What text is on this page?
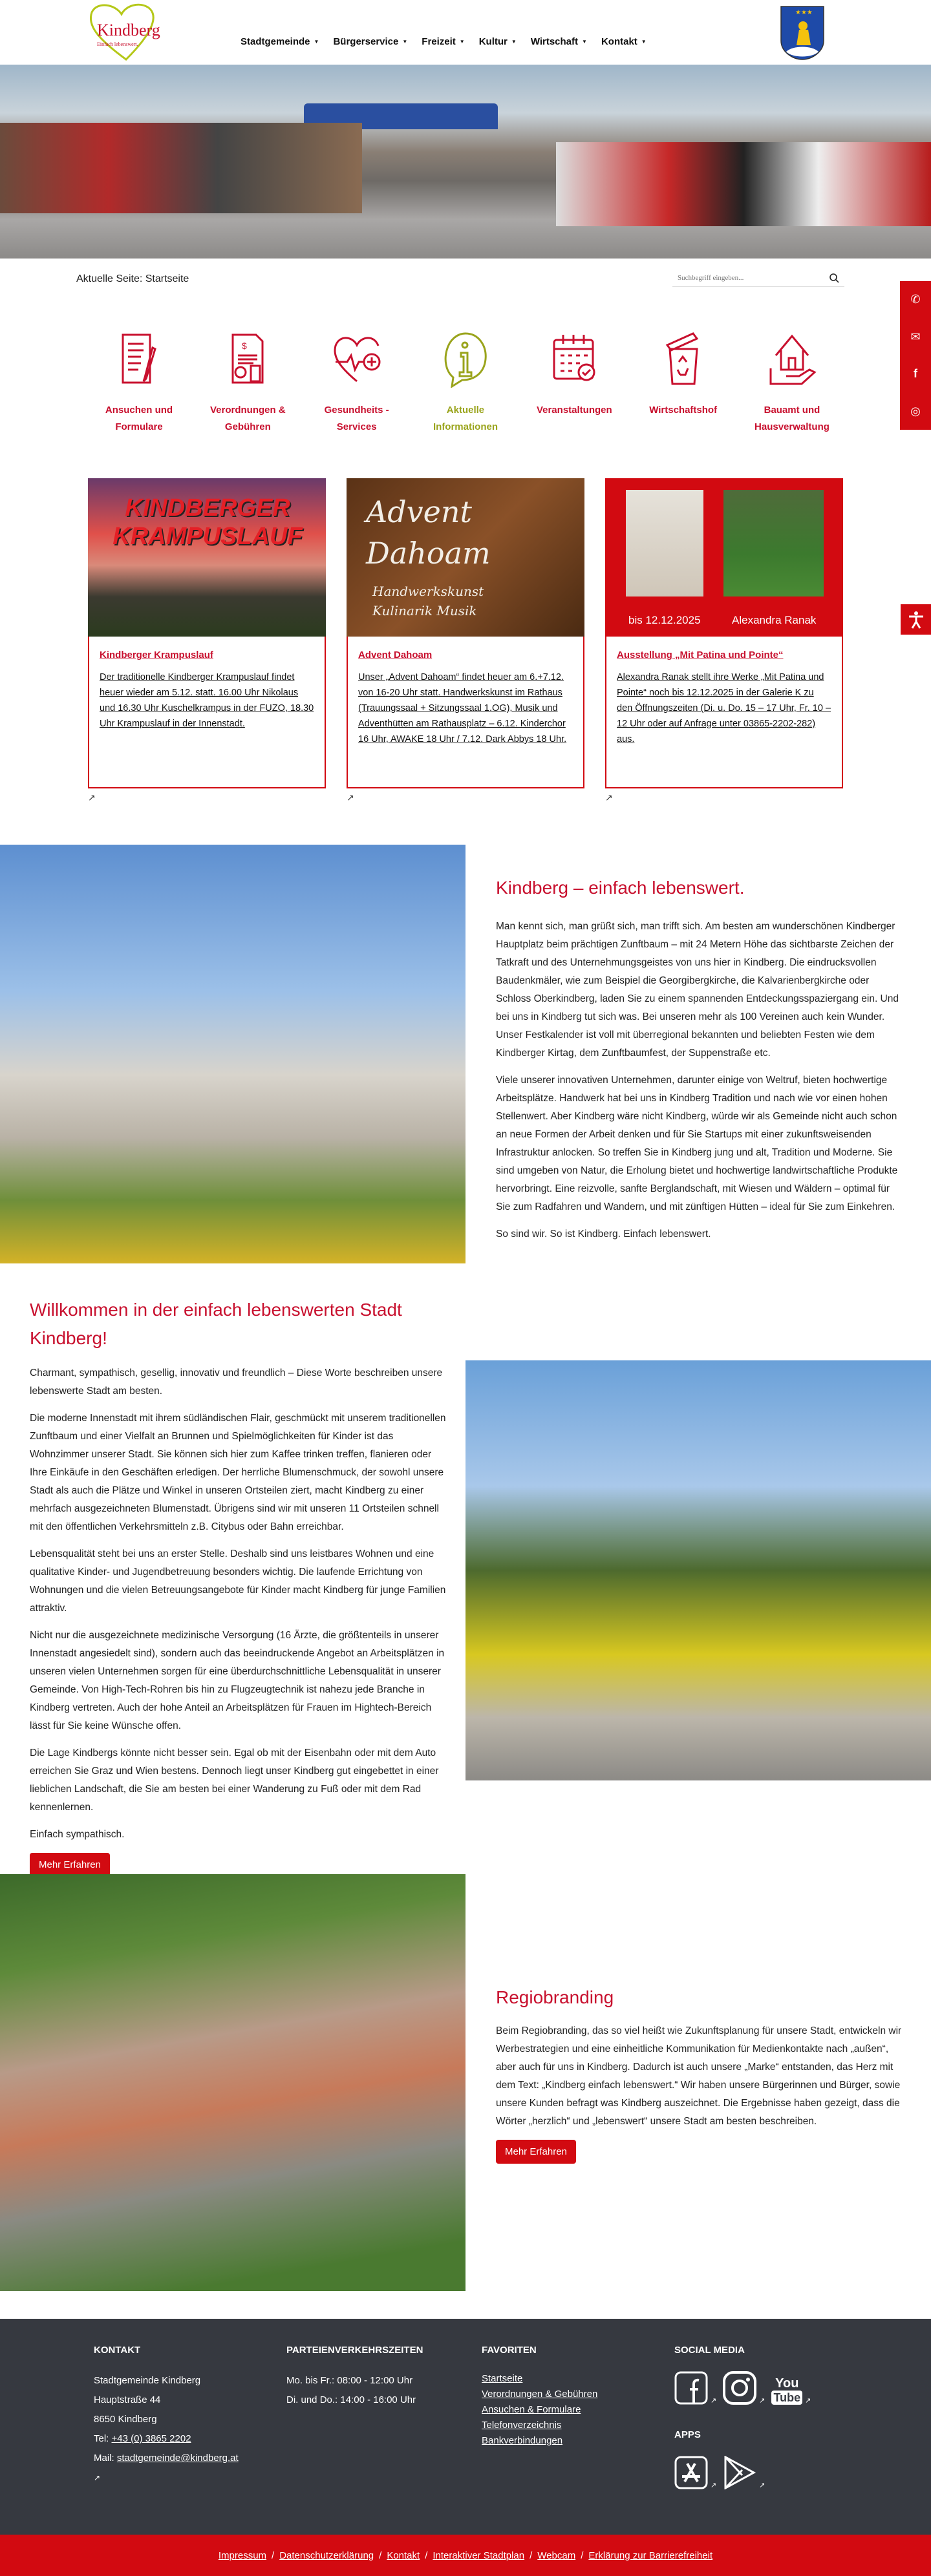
Kindberg
Einfach lebenswert.	Stadtgemeinde ▼ Bürgerservice ▼ Freizeit ▼ Kultur ▼ Wirtschaft ▼ Kontakt ▼
★★★
Aktuelle Seite: Startseite
Suchbegriff eingeben...
✆
✉
f
◎
Ansuchen und Formulare
$
Verordnungen & Gebühren
Gesundheits - Services
Aktuelle Informationen
Veranstaltungen	Wirtschaftshof	Bauamt und Hausverwaltung
KINDBERGER KRAMPUSLAUF
Kindberger Krampuslauf

Der traditionelle Kindberger Krampuslauf findet heuer wieder am 5.12. statt. 16.00 Uhr Nikolaus und 16.30 Uhr Kuschelkrampus in der FUZO, 18.30 Uhr Krampuslauf in der Innenstadt.

↗
Advent Dahoam
Handwerkskunst Kulinarik Musik
Advent Dahoam

Unser „Advent Dahoam“ findet heuer am 6.+7.12. von 16-20 Uhr statt. Handwerkskunst im Rathaus (Trauungssaal + Sitzungssaal 1.OG), Musik und Adventhütten am Rathausplatz – 6.12. Kinderchor 16 Uhr, AWAKE 18 Uhr / 7.12. Dark Abbys 18 Uhr.

↗
bis 12.12.2025	Alexandra Ranak
Ausstellung „Mit Patina und Pointe“

Alexandra Ranak stellt ihre Werke „Mit Patina und Pointe“ noch bis 12.12.2025 in der Galerie K zu den Öffnungszeiten (Di. u. Do. 15 – 17 Uhr, Fr. 10 – 12 Uhr oder auf Anfrage unter 03865-2202-282) aus.

↗
Kindberg – einfach lebenswert.

Man kennt sich, man grüßt sich, man trifft sich. Am besten am wunderschönen Kindberger Hauptplatz beim prächtigen Zunftbaum – mit 24 Metern Höhe das sichtbarste Zeichen der Tatkraft und des Unternehmungsgeistes von uns hier in Kindberg. Die eindrucksvollen Baudenkmäler, wie zum Beispiel die Georgibergkirche, die Kalvarienbergkirche oder Schloss Oberkindberg, laden Sie zu einem spannenden Entdeckungsspaziergang ein. Und bei uns in Kindberg tut sich was. Bei unseren mehr als 100 Vereinen auch kein Wunder. Unser Festkalender ist voll mit überregional bekannten und beliebten Festen wie dem Kindberger Kirtag, dem Zunftbaumfest, der Suppenstraße etc.

Viele unserer innovativen Unternehmen, darunter einige von Weltruf, bieten hochwertige Arbeitsplätze. Handwerk hat bei uns in Kindberg Tradition und nach wie vor einen hohen Stellenwert. Aber Kindberg wäre nicht Kindberg, würde wir als Gemeinde nicht auch schon an neue Formen der Arbeit denken und für Sie Startups mit einer zukunftsweisenden Infrastruktur anlocken. So treffen Sie in Kindberg jung und alt, Tradition und Moderne. Sie sind umgeben von Natur, die Erholung bietet und hochwertige landwirtschaftliche Produkte hervorbringt. Eine reizvolle, sanfte Berglandschaft, mit Wiesen und Wäldern – optimal für Sie zum Radfahren und Wandern, und mit zünftigen Hütten – ideal für Sie zum Einkehren.

So sind wir. So ist Kindberg. Einfach lebenswert.

Willkommen in der einfach lebenswerten Stadt Kindberg!

Charmant, sympathisch, gesellig, innovativ und freundlich – Diese Worte beschreiben unsere lebenswerte Stadt am besten.

Die moderne Innenstadt mit ihrem südländischen Flair, geschmückt mit unserem traditionellen Zunftbaum und einer Vielfalt an Brunnen und Spielmöglichkeiten für Kinder ist das Wohnzimmer unserer Stadt. Sie können sich hier zum Kaffee trinken treffen, flanieren oder Ihre Einkäufe in den Geschäften erledigen. Der herrliche Blumenschmuck, der sowohl unsere Stadt als auch die Plätze und Winkel in unseren Ortsteilen ziert, macht Kindberg zu einer mehrfach ausgezeichneten Blumenstadt. Übrigens sind wir mit unseren 11 Ortsteilen schnell mit den öffentlichen Verkehrsmitteln z.B. Citybus oder Bahn erreichbar.

Lebensqualität steht bei uns an erster Stelle. Deshalb sind uns leistbares Wohnen und eine qualitative Kinder- und Jugendbetreuung besonders wichtig. Die laufende Errichtung von Wohnungen und die vielen Betreuungsangebote für Kinder macht Kindberg für junge Familien attraktiv.

Nicht nur die ausgezeichnete medizinische Versorgung (16 Ärzte, die größtenteils in unserer Innenstadt angesiedelt sind), sondern auch das beeindruckende Angebot an Arbeitsplätzen in unseren vielen Unternehmen sorgen für eine überdurchschnittliche Lebensqualität in unserer Gemeinde. Von High-Tech-Rohren bis hin zu Flugzeugtechnik ist nahezu jede Branche in Kindberg vertreten. Auch der hohe Anteil an Arbeitsplätzen für Frauen im Hightech-Bereich lässt für Sie keine Wünsche offen.

Die Lage Kindbergs könnte nicht besser sein. Egal ob mit der Eisenbahn oder mit dem Auto erreichen Sie Graz und Wien bestens. Dennoch liegt unser Kindberg gut eingebettet in einer lieblichen Landschaft, die Sie am besten bei einer Wanderung zu Fuß oder mit dem Rad kennenlernen.

Einfach sympathisch.

Mehr Erfahren
Regiobranding

Beim Regiobranding, das so viel heißt wie Zukunftsplanung für unsere Stadt, entwickeln wir Werbestrategien und eine einheitliche Kommunikation für Medienkontakte nach „außen“, aber auch für uns in Kindberg. Dadurch ist auch unsere „Marke“ entstanden, das Herz mit dem Text: „Kindberg einfach lebenswert.“ Wir haben unsere Bürgerinnen und Bürger, sowie unsere Kunden befragt was Kindberg auszeichnet. Die Ergebnisse haben gezeigt, dass die Wörter „herzlich“ und „lebenswert“ unsere Stadt am besten beschreiben.

Mehr Erfahren
KONTAKT
Stadtgemeinde Kindberg
Hauptstraße 44
8650 Kindberg
Tel: +43 (0) 3865 2202
Mail: stadtgemeinde@kindberg.at
↗
PARTEIENVERKEHRSZEITEN
Mo. bis Fr.: 08:00 - 12:00 Uhr
Di. und Do.: 14:00 - 16:00 Uhr
FAVORITEN
Startseite
Verordnungen & Gebühren
Ansuchen & Formulare
Telefonverzeichnis
Bankverbindungen
SOCIAL MEDIA
↗	↗
You
Tube ↗
APPS
↗	↗
Impressum / Datenschutzerklärung / Kontakt / Interaktiver Stadtplan / Webcam / Erklärung zur Barrierefreiheit
